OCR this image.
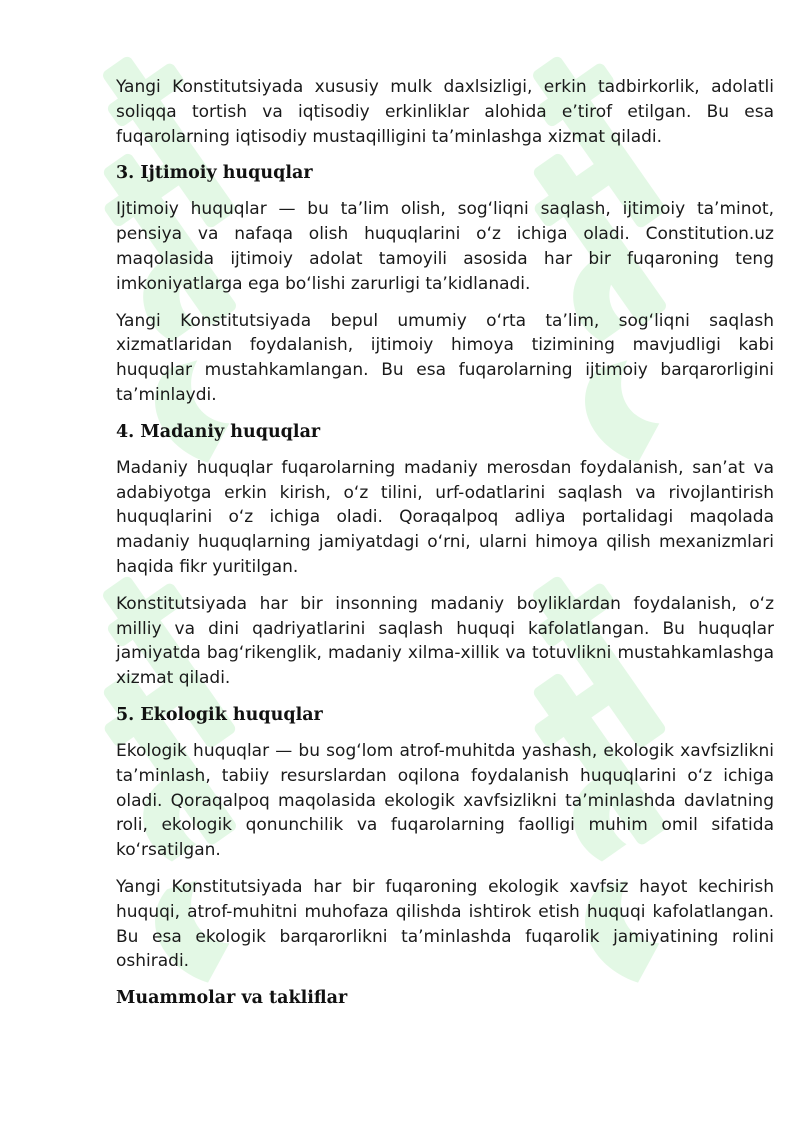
Yangi Konstitutsiyada xususiy mulk daxlsizligi, erkin tadbirkorlik, adolatli soliqqa tortish va iqtisodiy erkinliklar alohida e’tirof etilgan. Bu esa fuqarolarning iqtisodiy mustaqilligini ta’minlashga xizmat qiladi.

3. Ijtimoiy huquqlar

Ijtimoiy huquqlar — bu ta’lim olish, sog‘liqni saqlash, ijtimoiy ta’minot, pensiya va nafaqa olish huquqlarini o‘z ichiga oladi. Constitution.uz maqolasida ijtimoiy adolat tamoyili asosida har bir fuqaroning teng imkoniyatlarga ega bo‘lishi zarurligi ta’kidlanadi.

Yangi Konstitutsiyada bepul umumiy o‘rta ta’lim, sog‘liqni saqlash xizmatlaridan foydalanish, ijtimoiy himoya tizimining mavjudligi kabi huquqlar mustahkamlangan. Bu esa fuqarolarning ijtimoiy barqarorligini ta’minlaydi.

4. Madaniy huquqlar

Madaniy huquqlar fuqarolarning madaniy merosdan foydalanish, san’at va adabiyotga erkin kirish, o‘z tilini, urf-odatlarini saqlash va rivojlantirish huquqlarini o‘z ichiga oladi. Qoraqalpoq adliya portalidagi maqolada madaniy huquqlarning jamiyatdagi o‘rni, ularni himoya qilish mexanizmlari haqida fikr yuritilgan.

Konstitutsiyada har bir insonning madaniy boyliklardan foydalanish, o‘z milliy va dini qadriyatlarini saqlash huquqi kafolatlangan. Bu huquqlar jamiyatda bag‘rikenglik, madaniy xilma-xillik va totuvlikni mustahkamlashga xizmat qiladi.

5. Ekologik huquqlar

Ekologik huquqlar — bu sog‘lom atrof-muhitda yashash, ekologik xavfsizlikni ta’minlash, tabiiy resurslardan oqilona foydalanish huquqlarini o‘z ichiga oladi. Qoraqalpoq maqolasida ekologik xavfsizlikni ta’minlashda davlatning roli, ekologik qonunchilik va fuqarolarning faolligi muhim omil sifatida ko‘rsatilgan.

Yangi Konstitutsiyada har bir fuqaroning ekologik xavfsiz hayot kechirish huquqi, atrof-muhitni muhofaza qilishda ishtirok etish huquqi kafolatlangan. Bu esa ekologik barqarorlikni ta’minlashda fuqarolik jamiyatining rolini oshiradi.

Muammolar va takliflar
